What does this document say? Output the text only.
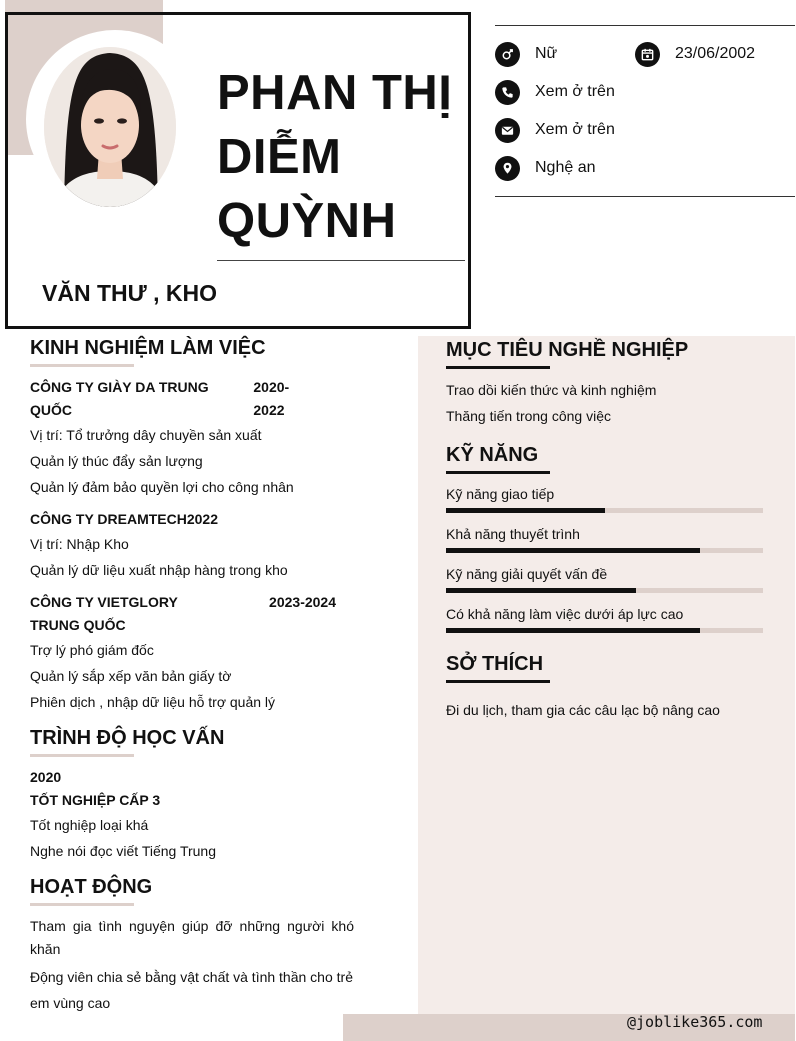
PHAN THỊ
DIỄM
QUỲNH
VĂN THƯ , KHO
Nữ	23/06/2002
Xem ở trên
Xem ở trên
Nghệ an
MỤC TIÊU NGHỀ NGHIỆP
Trao dồi kiến thức và kinh nghiệm
Thăng tiến trong công việc
KỸ NĂNG
Kỹ năng giao tiếp
Khả năng thuyết trình
Kỹ năng giải quyết vấn đề
Có khả năng làm việc dưới áp lực cao
SỞ THÍCH
Đi du lịch, tham gia các câu lạc bộ nâng cao
KINH NGHIỆM LÀM VIỆC
CÔNG TY GIÀY DA TRUNG QUỐC
2020-2022
Vị trí: Tổ trưởng dây chuyền sản xuất
Quản lý thúc đẩy sản lượng
Quản lý đảm bảo quyền lợi cho công nhân
CÔNG TY DREAMTECH 2022
Vị trí: Nhập Kho
Quản lý dữ liệu xuất nhập hàng trong kho
CÔNG TY VIETGLORY TRUNG QUỐC
2023-2024
Trợ lý phó giám đốc
Quản lý sắp xếp văn bản giấy tờ
Phiên dịch , nhập dữ liệu hỗ trợ quản lý
TRÌNH ĐỘ HỌC VẤN
2020
TỐT NGHIỆP CẤP 3
Tốt nghiệp loại khá
Nghe nói đọc viết Tiếng Trung
HOẠT ĐỘNG
Tham gia tình nguyện giúp đỡ những người khó khăn
Động viên chia sẻ bằng vật chất và tình thần cho trẻ em vùng cao
@joblike365.com
